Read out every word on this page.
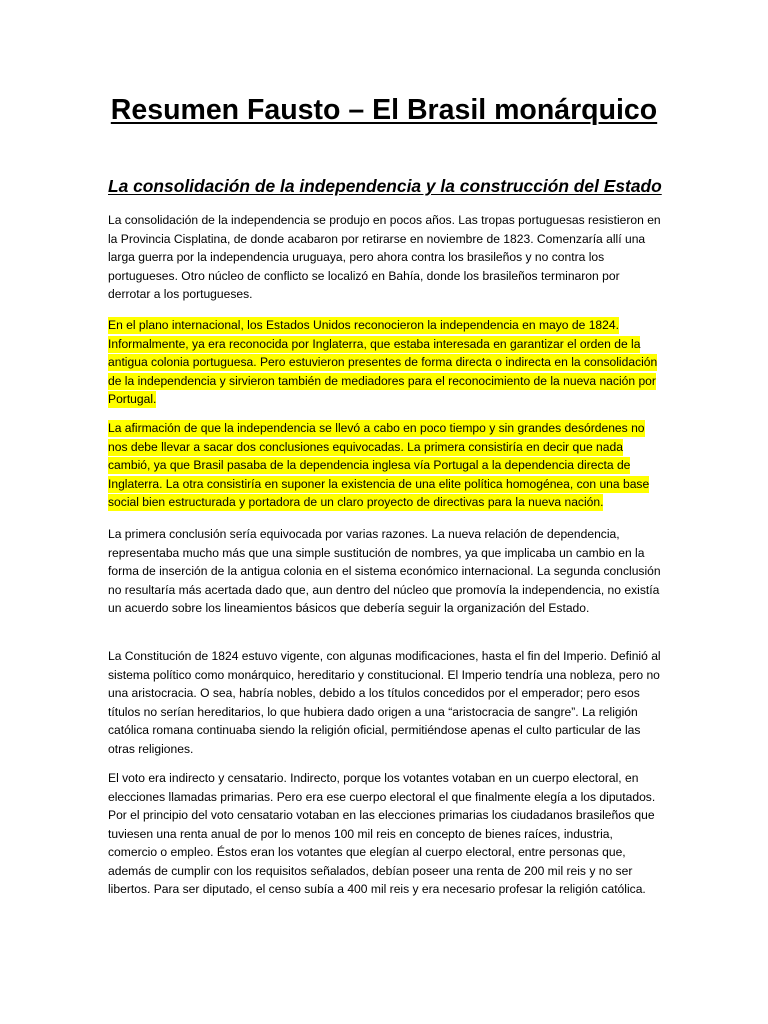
Resumen Fausto – El Brasil monárquico
La consolidación de la independencia y la construcción del Estado

La consolidación de la independencia se produjo en pocos años. Las tropas portuguesas resistieron en la Provincia Cisplatina, de donde acabaron por retirarse en noviembre de 1823. Comenzaría allí una larga guerra por la independencia uruguaya, pero ahora contra los brasileños y no contra los portugueses. Otro núcleo de conflicto se localizó en Bahía, donde los brasileños terminaron por derrotar a los portugueses.

En el plano internacional, los Estados Unidos reconocieron la independencia en mayo de 1824. Informalmente, ya era reconocida por Inglaterra, que estaba interesada en garantizar el orden de la antigua colonia portuguesa. Pero estuvieron presentes de forma directa o indirecta en la consolidación de la independencia y sirvieron también de mediadores para el reconocimiento de la nueva nación por Portugal.

La afirmación de que la independencia se llevó a cabo en poco tiempo y sin grandes desórdenes no nos debe llevar a sacar dos conclusiones equivocadas. La primera consistiría en decir que nada cambió, ya que Brasil pasaba de la dependencia inglesa vía Portugal a la dependencia directa de Inglaterra. La otra consistiría en suponer la existencia de una elite política homogénea, con una base social bien estructurada y portadora de un claro proyecto de directivas para la nueva nación.

La primera conclusión sería equivocada por varias razones. La nueva relación de dependencia, representaba mucho más que una simple sustitución de nombres, ya que implicaba un cambio en la forma de inserción de la antigua colonia en el sistema económico internacional. La segunda conclusión no resultaría más acertada dado que, aun dentro del núcleo que promovía la independencia, no existía un acuerdo sobre los lineamientos básicos que debería seguir la organización del Estado.

La Constitución de 1824 estuvo vigente, con algunas modificaciones, hasta el fin del Imperio. Definió al sistema político como monárquico, hereditario y constitucional. El Imperio tendría una nobleza, pero no una aristocracia. O sea, habría nobles, debido a los títulos concedidos por el emperador; pero esos títulos no serían hereditarios, lo que hubiera dado origen a una “aristocracia de sangre”. La religión católica romana continuaba siendo la religión oficial, permitiéndose apenas el culto particular de las otras religiones.

El voto era indirecto y censatario. Indirecto, porque los votantes votaban en un cuerpo electoral, en elecciones llamadas primarias. Pero era ese cuerpo electoral el que finalmente elegía a los diputados. Por el principio del voto censatario votaban en las elecciones primarias los ciudadanos brasileños que tuviesen una renta anual de por lo menos 100 mil reis en concepto de bienes raíces, industria, comercio o empleo. Éstos eran los votantes que elegían al cuerpo electoral, entre personas que, además de cumplir con los requisitos señalados, debían poseer una renta de 200 mil reis y no ser libertos. Para ser diputado, el censo subía a 400 mil reis y era necesario profesar la religión católica.
